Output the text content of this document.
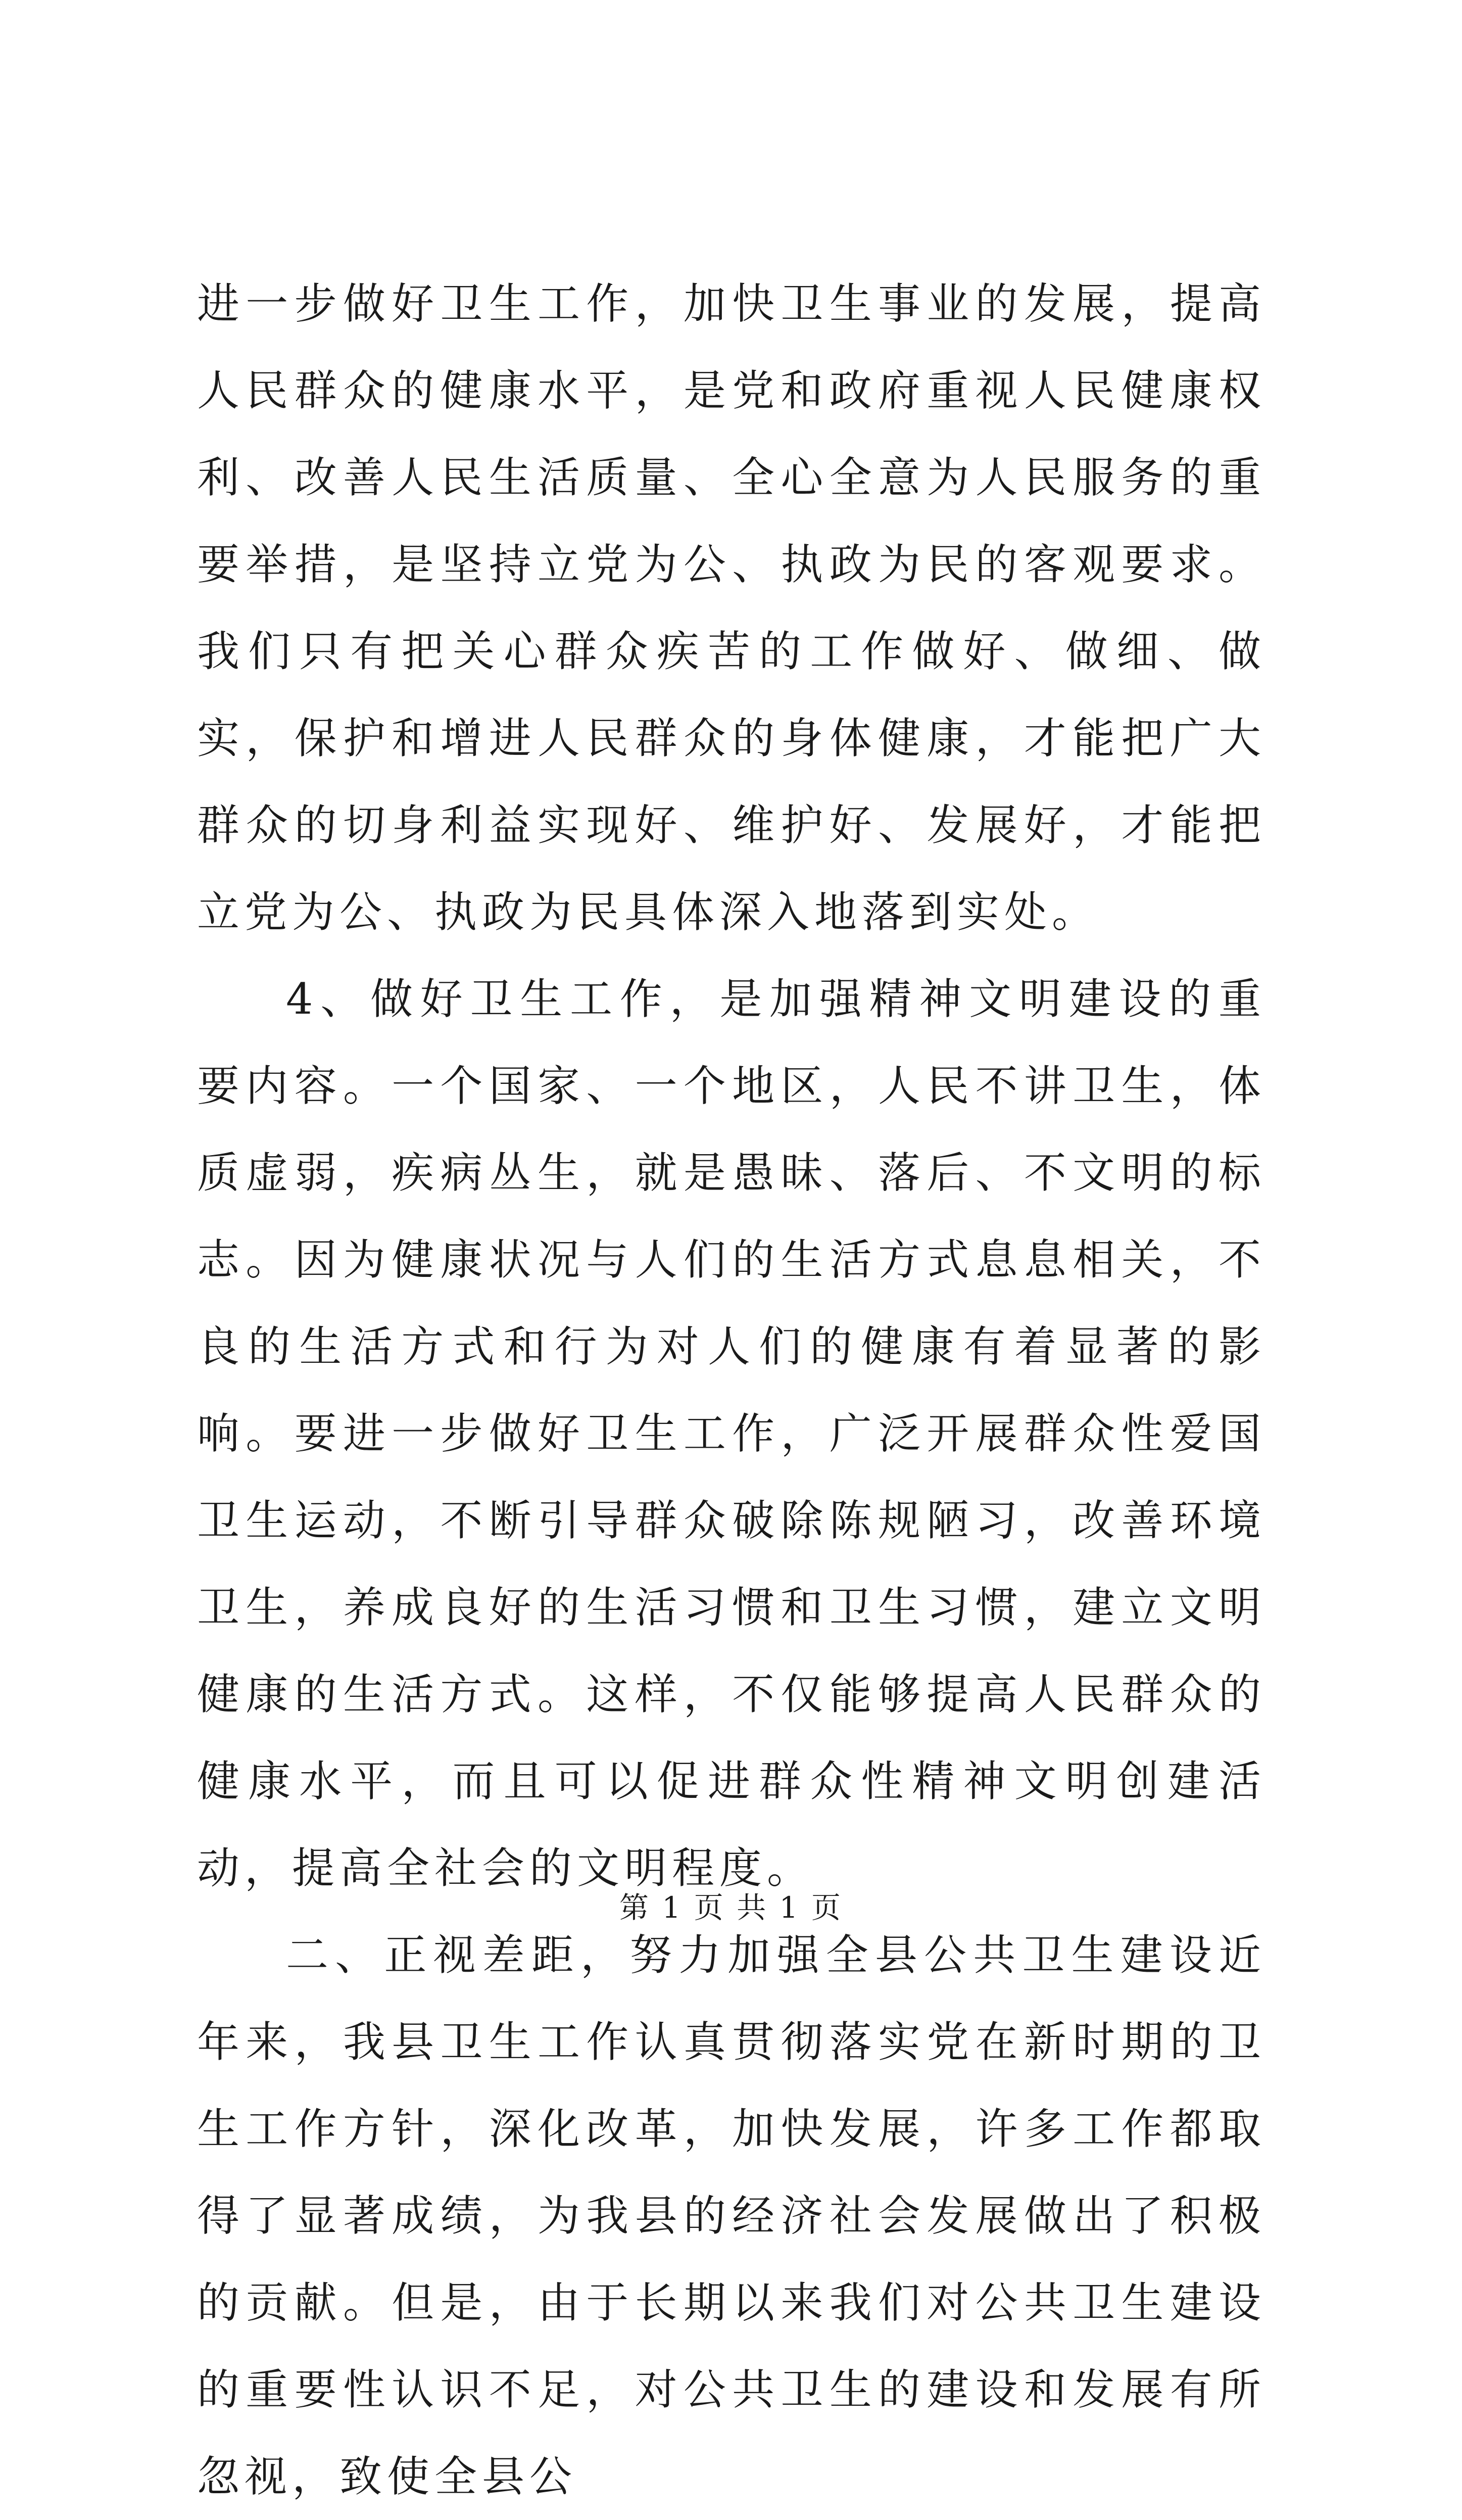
进一步做好卫生工作，加快卫生事业的发展，提高人民群众的健康水平，是党和政府重视人民健康权利、改善人民生活质量、全心全意为人民服务的重要举措，是坚持立党为公、执政为民的客观要求。我们只有把关心群众疾苦的工作做好、做细、做实，保护和增进人民群众的身体健康，才能把广大群众的切身利益实现好、维护好、发展好，才能把立党为公、执政为民具体深入地落到实处。

4、做好卫生工作，是加强精神文明建设的重要内容。一个国家、一个地区，人民不讲卫生，体质虚弱，疾病丛生，就是愚昧、落后、不文明的标志。因为健康状况与人们的生活方式息息相关，不良的生活方式和行为对人们的健康有着显著的影响。要进一步做好卫生工作，广泛开展群众性爱国卫生运动，不断引导群众破除陈规陋习，改善环境卫生，养成良好的生活习惯和卫生习惯，建立文明健康的生活方式。这样，不仅能够提高人民群众的健康水平，而且可以促进群众性精神文明创建活动，提高全社会的文明程度。

二、正视差距，努力加强全县公共卫生建设近年来，我县卫生工作认真贯彻落实党在新时期的卫生工作方针，深化改革，加快发展，许多工作都取得了显著成绩，为我县的经济社会发展做出了积极的贡献。但是，由于长期以来我们对公共卫生建设的重要性认识不足，对公共卫生的建设和发展有所忽视，致使全县公

第 1 页 共 1 页
